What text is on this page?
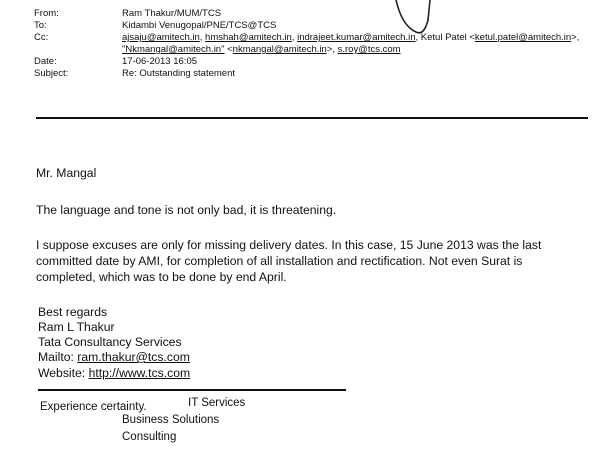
From:	Ram Thakur/MUM/TCS
To:	Kidambi Venugopal/PNE/TCS@TCS
Cc:	ajsaju@amitech.in, hmshah@amitech.in, indrajeet.kumar@amitech.in, Ketul Patel <ketul.patel@amitech.in>,
"Nkmangal@amitech.in" <nkmangal@amitech.in>, s.roy@tcs.com
Date:	17-06-2013 16:05
Subject:	Re: Outstanding statement
Mr. Mangal
The language and tone is not only bad, it is threatening.
I suppose excuses are only for missing delivery dates. In this case, 15 June 2013 was the last
committed date by AMI, for completion of all installation and rectification. Not even Surat is
completed, which was to be done by end April.
Best regards
Ram L Thakur
Tata Consultancy Services
Mailto: ram.thakur@tcs.com
Website: http://www.tcs.com
Experience certainty.	IT Services
Business Solutions
Consulting
